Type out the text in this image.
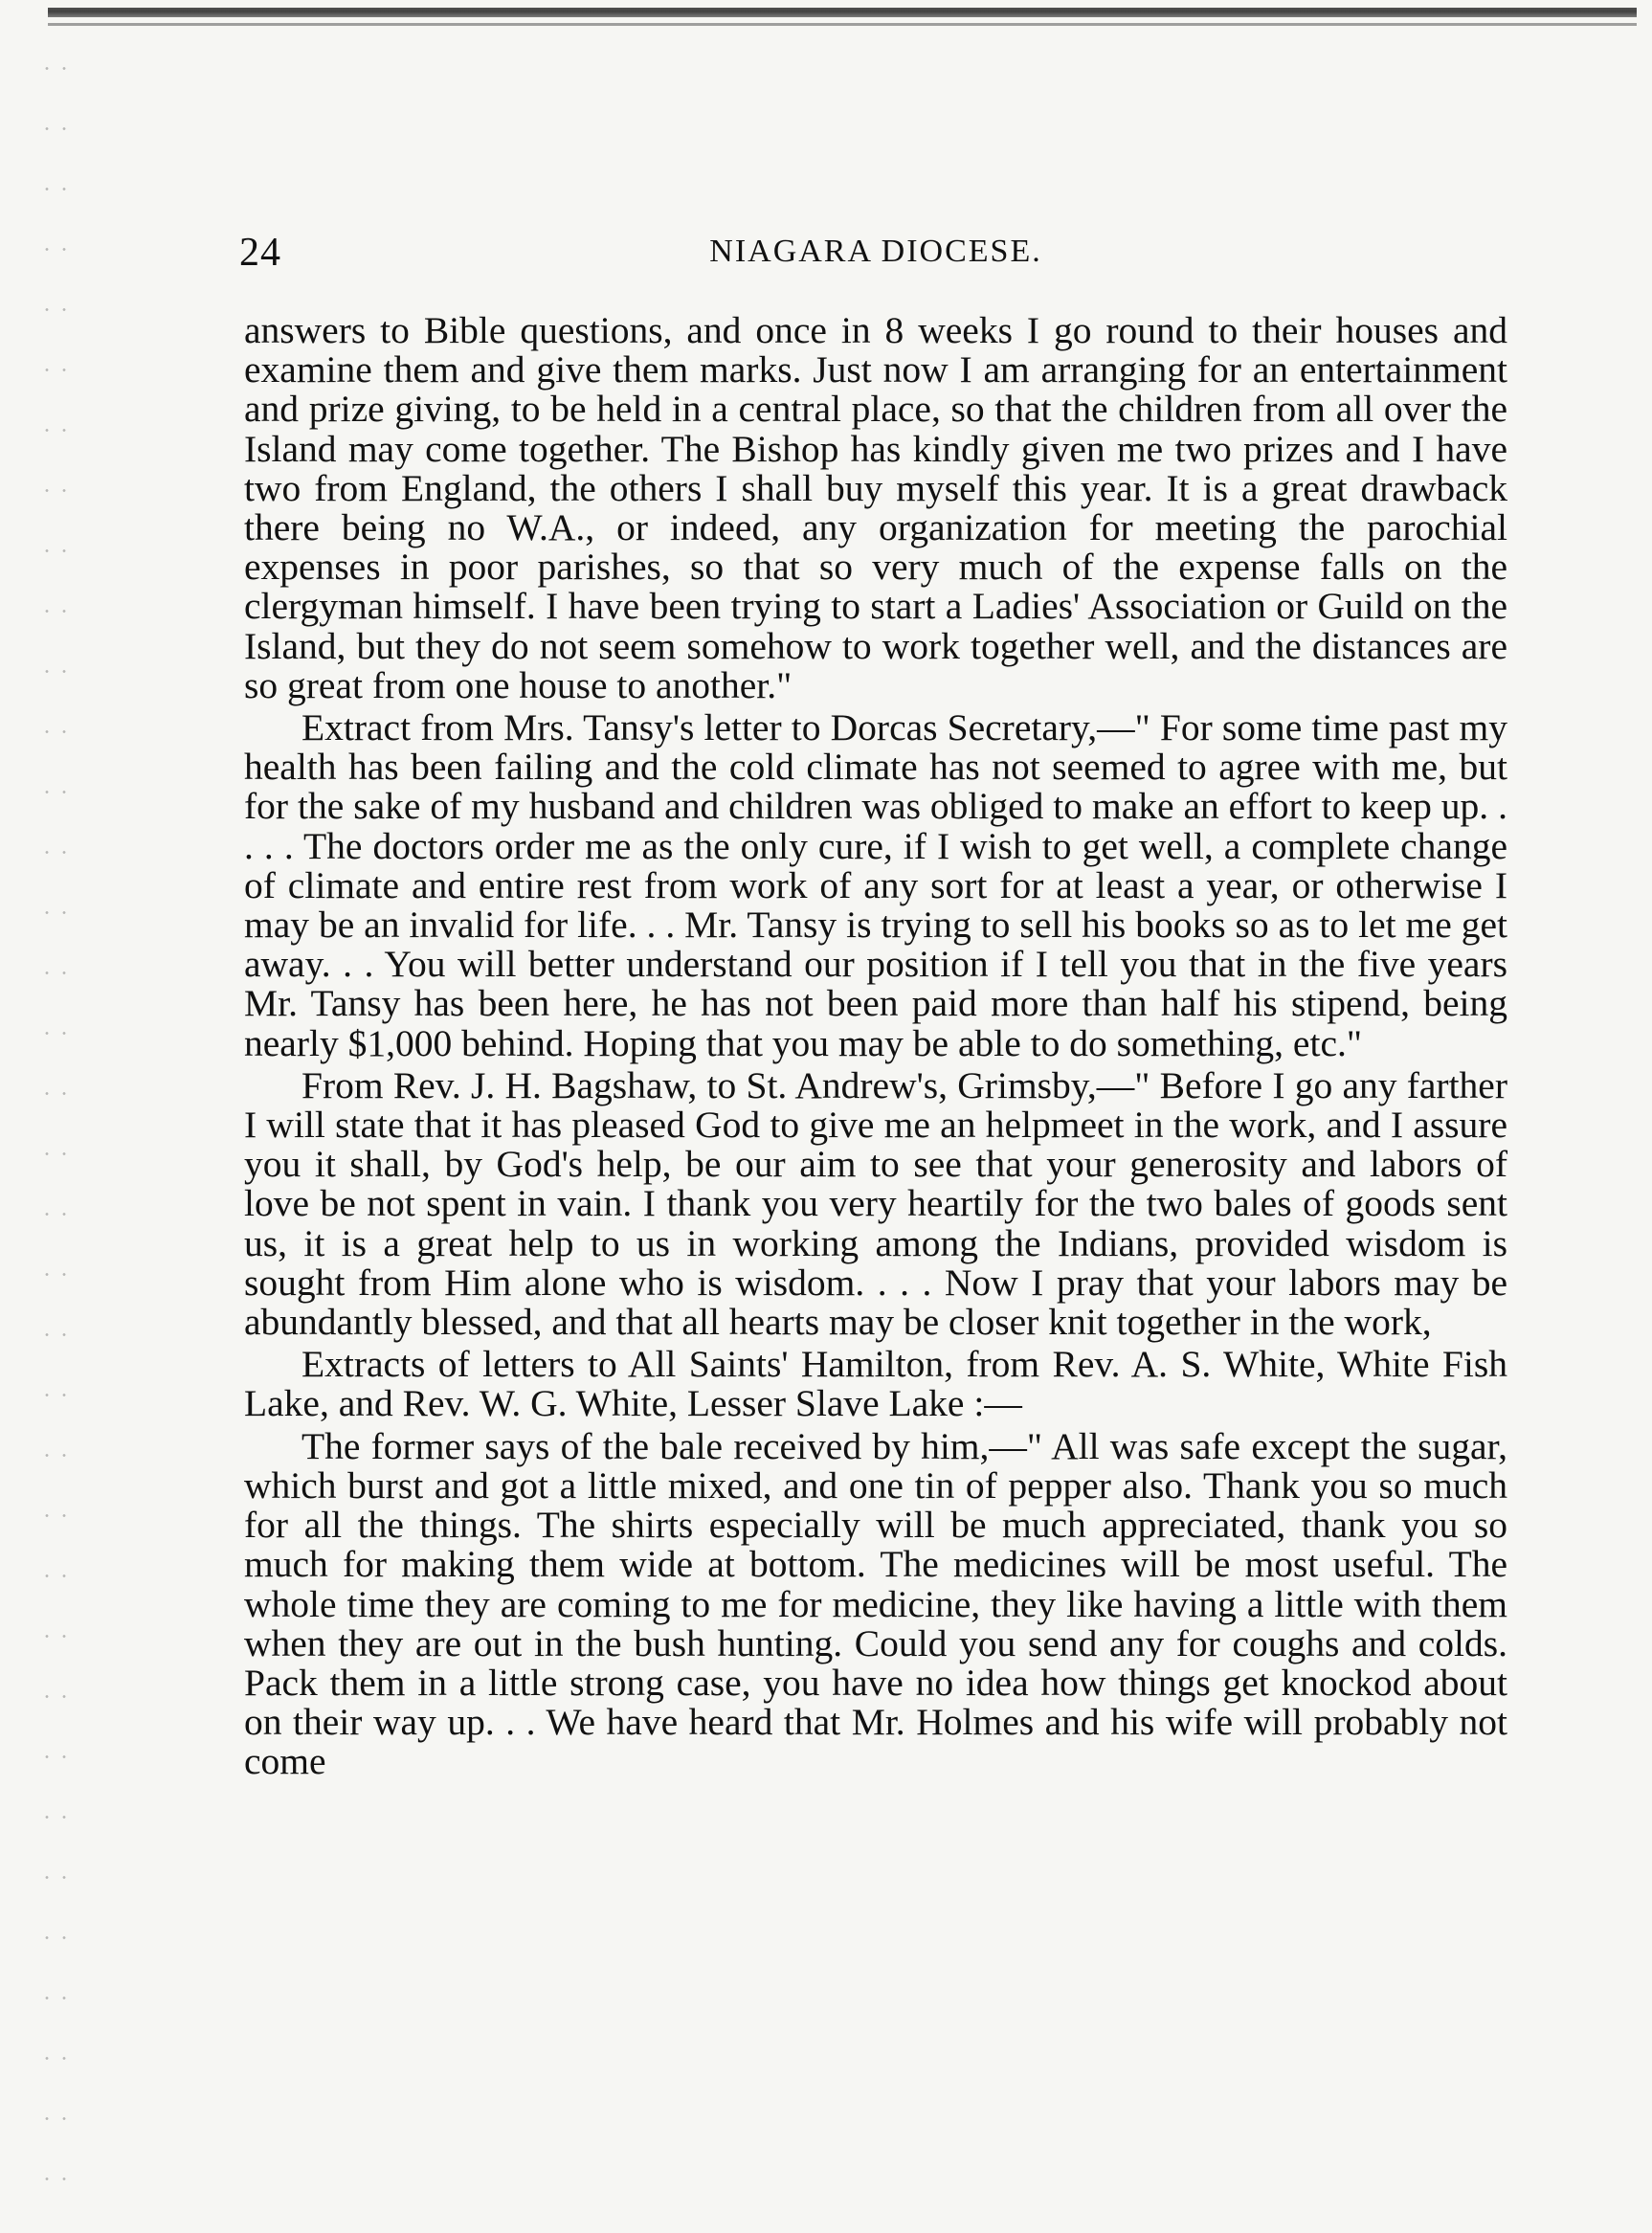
24	NIAGARA DIOCESE.

answers to Bible questions, and once in 8 weeks I go round to their houses and examine them and give them marks. Just now I am arranging for an entertainment and prize giving, to be held in a central place, so that the children from all over the Island may come together. The Bishop has kindly given me two prizes and I have two from England, the others I shall buy myself this year. It is a great drawback there being no W.A., or indeed, any organization for meeting the parochial expenses in poor parishes, so that so very much of the expense falls on the clergyman himself. I have been trying to start a Ladies' Association or Guild on the Island, but they do not seem somehow to work together well, and the distances are so great from one house to another."

Extract from Mrs. Tansy's letter to Dorcas Secretary,—" For some time past my health has been failing and the cold climate has not seemed to agree with me, but for the sake of my husband and children was obliged to make an effort to keep up. . . . . The doctors order me as the only cure, if I wish to get well, a complete change of climate and entire rest from work of any sort for at least a year, or otherwise I may be an invalid for life. . . Mr. Tansy is trying to sell his books so as to let me get away. . . You will better understand our position if I tell you that in the five years Mr. Tansy has been here, he has not been paid more than half his stipend, being nearly $1,000 behind. Hoping that you may be able to do something, etc."

From Rev. J. H. Bagshaw, to St. Andrew's, Grimsby,—" Before I go any farther I will state that it has pleased God to give me an helpmeet in the work, and I assure you it shall, by God's help, be our aim to see that your generosity and labors of love be not spent in vain. I thank you very heartily for the two bales of goods sent us, it is a great help to us in working among the Indians, provided wisdom is sought from Him alone who is wisdom. . . . Now I pray that your labors may be abundantly blessed, and that all hearts may be closer knit together in the work,

Extracts of letters to All Saints' Hamilton, from Rev. A. S. White, White Fish Lake, and Rev. W. G. White, Lesser Slave Lake :—

The former says of the bale received by him,—" All was safe except the sugar, which burst and got a little mixed, and one tin of pepper also. Thank you so much for all the things. The shirts especially will be much appreciated, thank you so much for making them wide at bottom. The medicines will be most useful. The whole time they are coming to me for medicine, they like having a little with them when they are out in the bush hunting. Could you send any for coughs and colds. Pack them in a little strong case, you have no idea how things get knockod about on their way up. . . We have heard that Mr. Holmes and his wife will probably not come
